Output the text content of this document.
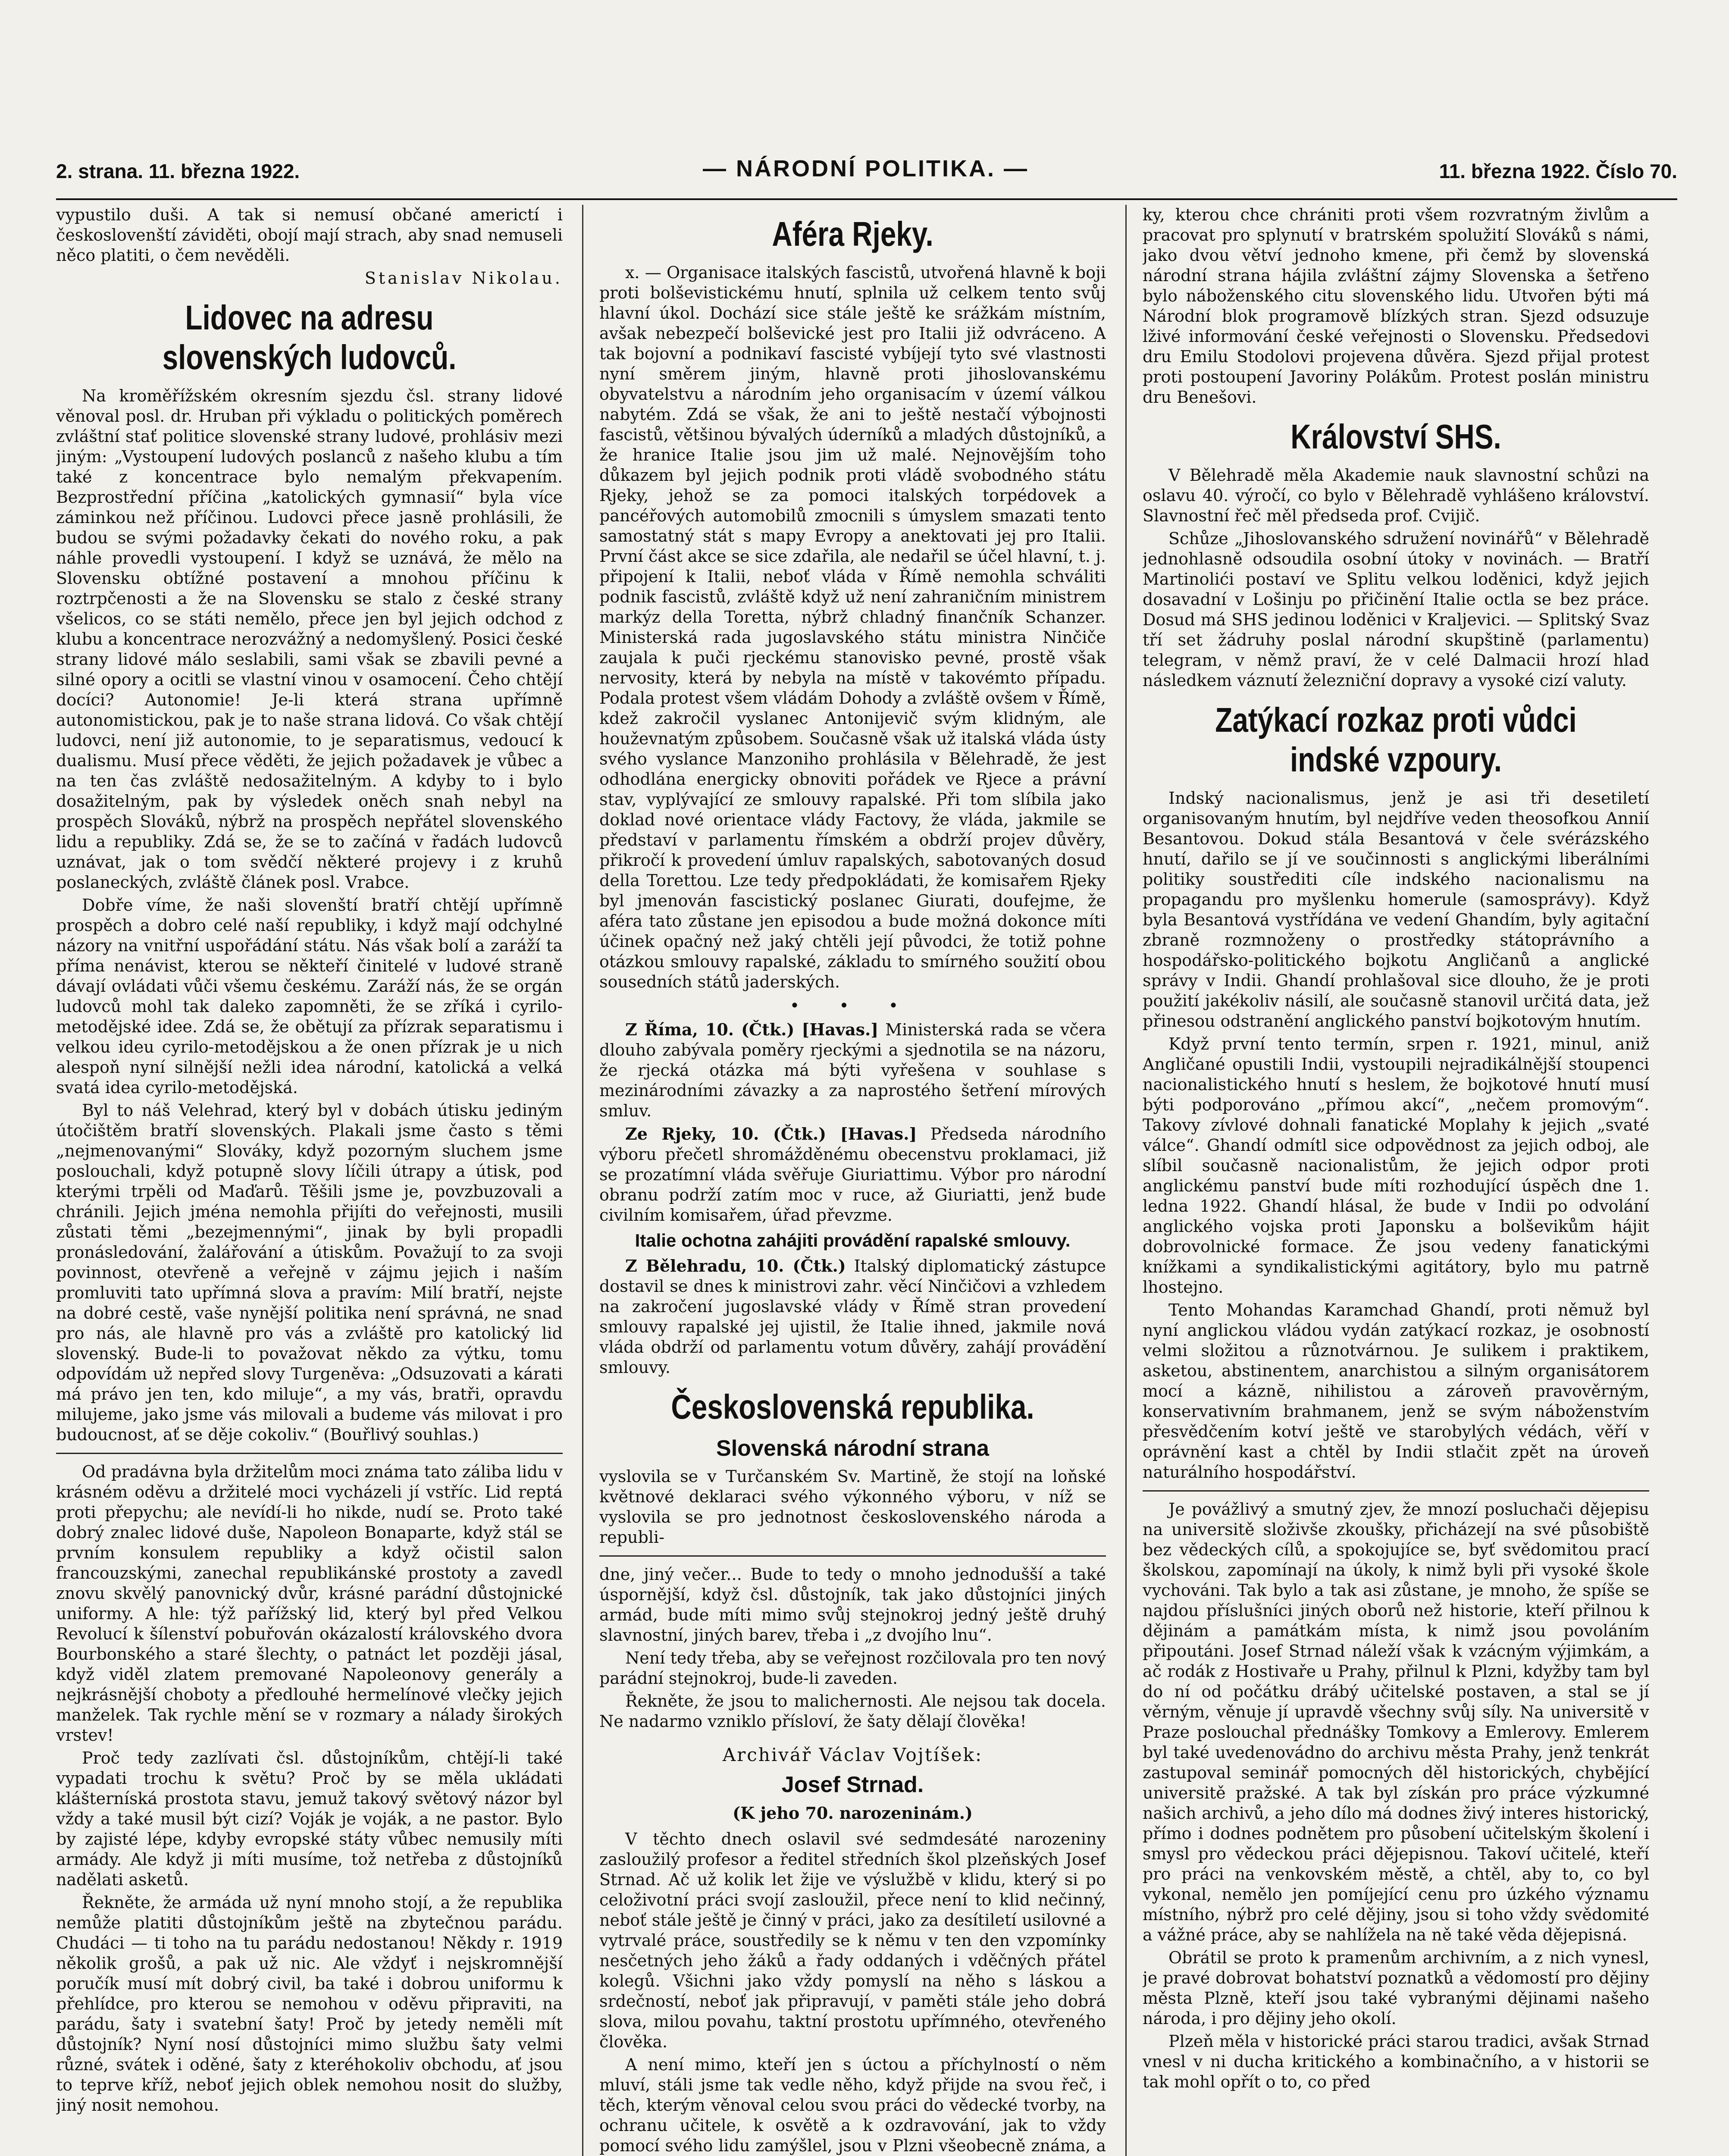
2. strana. 11. března 1922.	— NÁRODNÍ POLITIKA. —	11. března 1922. Číslo 70.

vypustilo duši. A tak si nemusí občané americtí i českoslovenští záviděti, obojí mají strach, aby snad nemuseli něco platiti, o čem nevěděli.

Stanislav Nikolau.
Lidovec na adresu slovenských ludovců.

Na kroměřížském okresním sjezdu čsl. strany lidové věnoval posl. dr. Hruban při výkladu o politických poměrech zvláštní stať politice slovenské strany ludové, prohlásiv mezi jiným: „Vystoupení ludových poslanců z našeho klubu a tím také z koncentrace bylo nemalým překvapením. Bezprostřední příčina „katolických gymnasií“ byla více záminkou než příčinou. Ludovci přece jasně prohlásili, že budou se svými požadavky čekati do nového roku, a pak náhle provedli vystoupení. I když se uznává, že mělo na Slovensku obtížné postavení a mnohou příčinu k roztrpčenosti a že na Slovensku se stalo z české strany všelicos, co se státi nemělo, přece jen byl jejich odchod z klubu a koncentrace nerozvážný a nedomyšlený. Posici české strany lidové málo seslabili, sami však se zbavili pevné a silné opory a ocitli se vlastní vinou v osamocení. Čeho chtějí docíci? Autonomie! Je-li která strana upřímně autonomistickou, pak je to naše strana lidová. Co však chtějí ludovci, není již autonomie, to je separatismus, vedoucí k dualismu. Musí přece věděti, že jejich požadavek je vůbec a na ten čas zvláště nedosažitelným. A kdyby to i bylo dosažitelným, pak by výsledek oněch snah nebyl na prospěch Slováků, nýbrž na prospěch nepřátel slovenského lidu a republiky. Zdá se, že se to začíná v řadách ludovců uznávat, jak o tom svědčí některé projevy i z kruhů poslaneckých, zvláště článek posl. Vrabce.

Dobře víme, že naši slovenští bratří chtějí upřímně prospěch a dobro celé naší republiky, i když mají odchylné názory na vnitřní uspořádání státu. Nás však bolí a zaráží ta příma nenávist, kterou se někteří činitelé v ludové straně dávají ovládati vůči všemu českému. Zaráží nás, že se orgán ludovců mohl tak daleko zapomněti, že se zříká i cyrilo-metodějské idee. Zdá se, že obětují za přízrak separatismu i velkou ideu cyrilo-metodějskou a že onen přízrak je u nich alespoň nyní silnější nežli idea národní, katolická a velká svatá idea cyrilo-metodějská.

Byl to náš Velehrad, který byl v dobách útisku jediným útočištěm bratří slovenských. Plakali jsme často s těmi „nejmenovanými“ Slováky, když pozorným sluchem jsme poslouchali, když potupně slovy líčili útrapy a útisk, pod kterými trpěli od Maďarů. Těšili jsme je, povzbuzovali a chránili. Jejich jména nemohla přijíti do veřejnosti, musili zůstati těmi „bezejmennými“, jinak by byli propadli pronásledování, žalářování a útiskům. Považují to za svoji povinnost, otevřeně a veřejně v zájmu jejich i naším promluviti tato upřímná slova a pravím: Milí bratří, nejste na dobré cestě, vaše nynější politika není správná, ne snad pro nás, ale hlavně pro vás a zvláště pro katolický lid slovenský. Bude-li to považovat někdo za výtku, tomu odpovídám už nepřed slovy Turgeněva: „Odsuzovati a kárati má právo jen ten, kdo miluje“, a my vás, bratři, opravdu milujeme, jako jsme vás milovali a budeme vás milovat i pro budoucnost, ať se děje cokoliv.“ (Bouřlivý souhlas.)

Od pradávna byla držitelům moci známa tato záliba lidu v krásném oděvu a držitelé moci vycházeli jí vstříc. Lid reptá proti přepychu; ale nevídí-li ho nikde, nudí se. Proto také dobrý znalec lidové duše, Napoleon Bonaparte, když stál se prvním konsulem republiky a když očistil salon francouzskými, zanechal republikánské prostoty a zavedl znovu skvělý panovnický dvůr, krásné parádní důstojnické uniformy. A hle: týž pařížský lid, který byl před Velkou Revolucí k šílenství pobuřován okázalostí královského dvora Bourbonského a staré šlechty, o patnáct let později jásal, když viděl zlatem premované Napoleonovy generály a nejkrásnější choboty a předlouhé hermelínové vlečky jejich manželek. Tak rychle mění se v rozmary a nálady širokých vrstev!

Proč tedy zazlívati čsl. důstojníkům, chtějí-li také vypadati trochu k světu? Proč by se měla ukládati klášterníská prostota stavu, jemuž takový světový názor byl vždy a také musil být cizí? Voják je voják, a ne pastor. Bylo by zajisté lépe, kdyby evropské státy vůbec nemusily míti armády. Ale když ji míti musíme, tož netřeba z důstojníků nadělati asketů.

Řekněte, že armáda už nyní mnoho stojí, a že republika nemůže platiti důstojníkům ještě na zbytečnou parádu. Chudáci — ti toho na tu parádu nedostanou! Někdy r. 1919 několik grošů, a pak už nic. Ale vždyť i nejskromnější poručík musí mít dobrý civil, ba také i dobrou uniformu k přehlídce, pro kterou se nemohou v oděvu připraviti, na parádu, šaty i svatební šaty! Proč by jetedy neměli mít důstojník? Nyní nosí důstojníci mimo službu šaty velmi různé, svátek i oděné, šaty z kteréhokoliv obchodu, ať jsou to teprve kříž, neboť jejich oblek nemohou nosit do služby, jiný nosit nemohou.

Aféra Rjeky.

x. — Organisace italských fascistů, utvořená hlavně k boji proti bolševistickému hnutí, splnila už celkem tento svůj hlavní úkol. Dochází sice stále ještě ke srážkám místním, avšak nebezpečí bolševické jest pro Italii již odvráceno. A tak bojovní a podnikaví fascisté vybíjejí tyto své vlastnosti nyní směrem jiným, hlavně proti jihoslovanskému obyvatelstvu a národním jeho organisacím v území válkou nabytém. Zdá se však, že ani to ještě nestačí výbojnosti fascistů, většinou bývalých úderníků a mladých důstojníků, a že hranice Italie jsou jim už malé. Nejnovějším toho důkazem byl jejich podnik proti vládě svobodného státu Rjeky, jehož se za pomoci italských torpédovek a pancéřových automobilů zmocnili s úmyslem smazati tento samostatný stát s mapy Evropy a anektovati jej pro Italii. První část akce se sice zdařila, ale nedařil se účel hlavní, t. j. připojení k Italii, neboť vláda v Římě nemohla schváliti podnik fascistů, zvláště když už není zahraničním ministrem markýz della Toretta, nýbrž chladný finančník Schanzer. Ministerská rada jugoslavského státu ministra Ninčiče zaujala k puči rjeckému stanovisko pevné, prostě však nervosity, která by nebyla na místě v takovémto případu. Podala protest všem vládám Dohody a zvláště ovšem v Římě, kdež zakročil vyslanec Antonijevič svým klidným, ale houževnatým způsobem. Současně však už italská vláda ústy svého vyslance Manzoniho prohlásila v Bělehradě, že jest odhodlána energicky obnoviti pořádek ve Rjece a právní stav, vyplývající ze smlouvy rapalské. Při tom slíbila jako doklad nové orientace vlády Factovy, že vláda, jakmile se představí v parlamentu římském a obdrží projev důvěry, přikročí k provedení úmluv rapalských, sabotovaných dosud della Torettou. Lze tedy předpokládati, že komisařem Rjeky byl jmenován fascistický poslanec Giurati, doufejme, že aféra tato zůstane jen episodou a bude možná dokonce míti účinek opačný než jaký chtěli její původci, že totiž pohne otázkou smlouvy rapalské, základu to smírného soužití obou sousedních států jaderských.

• • •

Z Říma, 10. (Čtk.) [Havas.] Ministerská rada se včera dlouho zabývala poměry rjeckými a sjednotila se na názoru, že rjecká otázka má býti vyřešena v souhlase s mezinárodními závazky a za naprostého šetření mírových smluv.

Ze Rjeky, 10. (Čtk.) [Havas.] Předseda národního výboru přečetl shromážděnému obecenstvu proklamaci, již se prozatímní vláda svěřuje Giuriattimu. Výbor pro národní obranu podrží zatím moc v ruce, až Giuriatti, jenž bude civilním komisařem, úřad převzme.

Italie ochotna zahájiti provádění rapalské smlouvy.

Z Bělehradu, 10. (Čtk.) Italský diplomatický zástupce dostavil se dnes k ministrovi zahr. věcí Ninčičovi a vzhledem na zakročení jugoslavské vlády v Římě stran provedení smlouvy rapalské jej ujistil, že Italie ihned, jakmile nová vláda obdrží od parlamentu votum důvěry, zahájí provádění smlouvy.

Československá republika.
Slovenská národní strana

vyslovila se v Turčanském Sv. Martině, že stojí na loňské květnové deklaraci svého výkonného výboru, v níž se vyslovila se pro jednotnost československého národa a republi-

dne, jiný večer... Bude to tedy o mnoho jednodušší a také úspornější, když čsl. důstojník, tak jako důstojníci jiných armád, bude míti mimo svůj stejnokroj jedný ještě druhý slavnostní, jiných barev, třeba i „z dvojího lnu“.

Není tedy třeba, aby se veřejnost rozčilovala pro ten nový parádní stejnokroj, bude-li zaveden.

Řekněte, že jsou to malichernosti. Ale nejsou tak docela. Ne nadarmo vzniklo přísloví, že šaty dělají člověka!

Archivář Václav Vojtíšek:
Josef Strnad.
(K jeho 70. narozeninám.)

V těchto dnech oslavil své sedmdesáté narozeniny zasloužilý profesor a ředitel středních škol plzeňských Josef Strnad. Ač už kolik let žije ve výslužbě v klidu, který si po celoživotní práci svojí zasloužil, přece není to klid nečinný, neboť stále ještě je činný v práci, jako za desítiletí usilovné a vytrvalé práce, soustředily se k němu v ten den vzpomínky nesčetných jeho žáků a řady oddaných i vděčných přátel kolegů. Všichni jako vždy pomyslí na něho s láskou a srdečností, neboť jak připravují, v paměti stále jeho dobrá slova, milou povahu, taktní prostotu upřímného, otevřeného člověka.

A není mimo, kteří jen s úctou a příchylností o něm mluví, stáli jsme tak vedle něho, když přijde na svou řeč, i těch, kterým věnoval celou svou práci do vědecké tvorby, na ochranu učitele, k osvětě a k ozdravování, jak to vždy pomocí svého lidu zamýšlel, jsou v Plzni všeobecně známa, a

ky, kterou chce chrániti proti všem rozvratným živlům a pracovat pro splynutí v bratrském spolužití Slováků s námi, jako dvou větví jednoho kmene, při čemž by slovenská národní strana hájila zvláštní zájmy Slovenska a šetřeno bylo náboženského citu slovenského lidu. Utvořen býti má Národní blok programově blízkých stran. Sjezd odsuzuje lživé informování české veřejnosti o Slovensku. Předsedovi dru Emilu Stodolovi projevena důvěra. Sjezd přijal protest proti postoupení Javoriny Polákům. Protest poslán ministru dru Benešovi.

Království SHS.

V Bělehradě měla Akademie nauk slavnostní schůzi na oslavu 40. výročí, co bylo v Bělehradě vyhlášeno království. Slavnostní řeč měl předseda prof. Cvijič.

Schůze „Jihoslovanského sdružení novinářů“ v Bělehradě jednohlasně odsoudila osobní útoky v novinách. — Bratří Martinolići postaví ve Splitu velkou loděnici, když jejich dosavadní v Lošinju po přičinění Italie octla se bez práce. Dosud má SHS jedinou loděnici v Kraljevici. — Splitský Svaz tří set žádruhy poslal národní skupštině (parlamentu) telegram, v němž praví, že v celé Dalmacii hrozí hlad následkem váznutí železniční dopravy a vysoké cizí valuty.

Zatýkací rozkaz proti vůdci indské vzpoury.

Indský nacionalismus, jenž je asi tři desetiletí organisovaným hnutím, byl nejdříve veden theosofkou Annií Besantovou. Dokud stála Besantová v čele svérázského hnutí, dařilo se jí ve součinnosti s anglickými liberálními politiky soustřediti cíle indského nacionalismu na propagandu pro myšlenku homerule (samosprávy). Když byla Besantová vystřídána ve vedení Ghandím, byly agitační zbraně rozmnoženy o prostředky státoprávního a hospodářsko-politického bojkotu Angličanů a anglické správy v Indii. Ghandí prohlašoval sice dlouho, že je proti použití jakékoliv násilí, ale současně stanovil určitá data, jež přinesou odstranění anglického panství bojkotovým hnutím.

Když první tento termín, srpen r. 1921, minul, aniž Angličané opustili Indii, vystoupili nejradikálnější stoupenci nacionalistického hnutí s heslem, že bojkotové hnutí musí býti podporováno „přímou akcí“, „nečem promovým“. Takovy zívlové dohnali fanatické Moplahy k jejich „svaté válce“. Ghandí odmítl sice odpovědnost za jejich odboj, ale slíbil současně nacionalistům, že jejich odpor proti anglickému panství bude míti rozhodující úspěch dne 1. ledna 1922. Ghandí hlásal, že bude v Indii po odvolání anglického vojska proti Japonsku a bolševikům hájit dobrovolnické formace. Že jsou vedeny fanatickými knížkami a syndikalistickými agitátory, bylo mu patrně lhostejno.

Tento Mohandas Karamchad Ghandí, proti němuž byl nyní anglickou vládou vydán zatýkací rozkaz, je osobností velmi složitou a různotvárnou. Je sulikem i praktikem, asketou, abstinentem, anarchistou a silným organisátorem mocí a káznĕ, nihilistou a zároveň pravověrným, konservativním brahmanem, jenž se svým náboženstvím přesvědčením kotví ještě ve starobylých védách, věří v oprávnění kast a chtěl by Indii stlačit zpět na úroveň naturálního hospodářství.

Je povážlivý a smutný zjev, že mnozí posluchači dějepisu na universitě složivše zkoušky, přicházejí na své působiště bez vědeckých cílů, a spokojujíce se, byť svědomitou prací školskou, zapomínají na úkoly, k nimž byli při vysoké škole vychováni. Tak bylo a tak asi zůstane, je mnoho, že spíše se najdou příslušníci jiných oborů než historie, kteří přilnou k dějinám a památkám místa, k nimž jsou povoláním připoutáni. Josef Strnad náleží však k vzácným výjimkám, a ač rodák z Hostivaře u Prahy, přilnul k Plzni, kdyžby tam byl do ní od počátku drábý učitelské postaven, a stal se jí věrným, věnuje jí upravdě všechny svůj síly. Na universitě v Praze poslouchal přednášky Tomkovy a Emlerovy. Emlerem byl také uvedenovádno do archivu města Prahy, jenž tenkrát zastupoval seminář pomocných děl historických, chybějící universitě pražské. A tak byl získán pro práce výzkumné našich archivů, a jeho dílo má dodnes živý interes historický, přímo i dodnes podnětem pro působení učitelským školení i smysl pro vědeckou práci dějepisnou. Takoví učitelé, kteří pro práci na venkovském městě, a chtěl, aby to, co byl vykonal, nemělo jen pomíjející cenu pro úzkého významu místního, nýbrž pro celé dějiny, jsou si toho vždy svědomité a vážné práce, aby se nahlížela na ně také věda dějepisná.

Obrátil se proto k pramenům archivním, a z nich vynesl, je pravé dobrovat bohatství poznatků a vědomostí pro dějiny města Plzně, kteří jsou také vybranými dějinami našeho národa, i pro dějiny jeho okolí.

Plzeň měla v historické práci starou tradici, avšak Strnad vnesl v ni ducha kritického a kombinačního, a v historii se tak mohl opřít o to, co před
